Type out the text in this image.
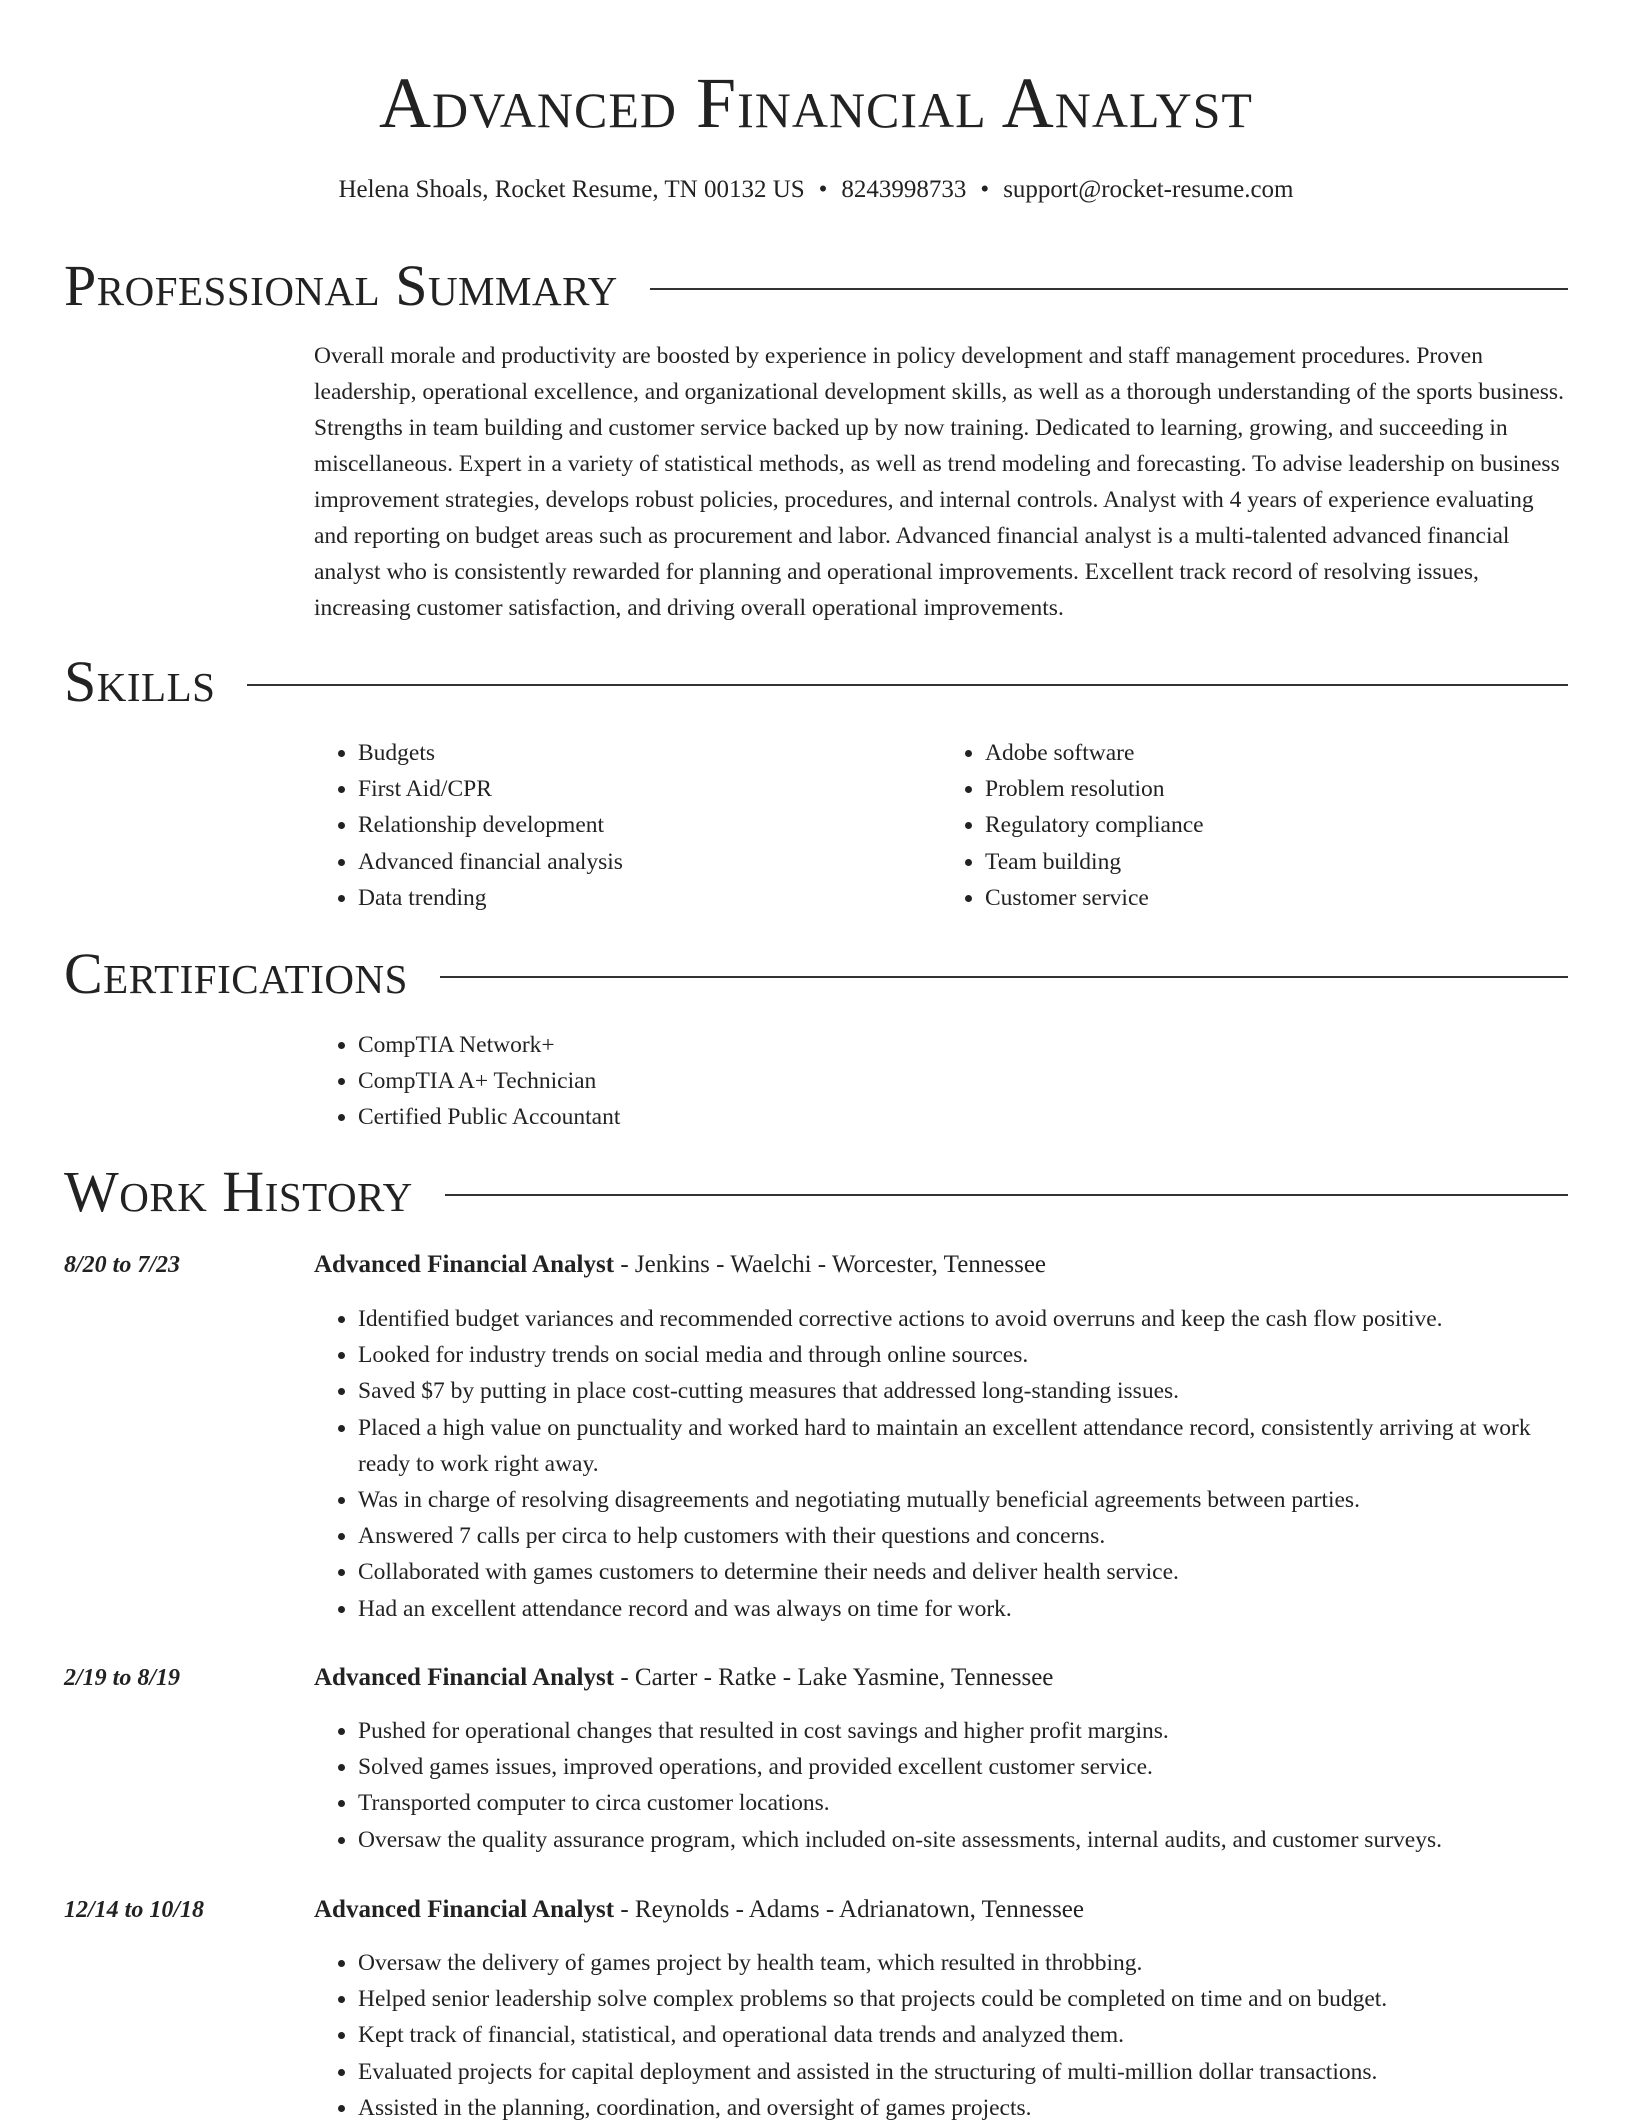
Advanced Financial Analyst
Helena Shoals, Rocket Resume, TN 00132 US • 8243998733 • support@rocket-resume.com
Professional Summary

Overall morale and productivity are boosted by experience in policy development and staff management procedures. Proven leadership, operational excellence, and organizational development skills, as well as a thorough understanding of the sports business. Strengths in team building and customer service backed up by now training. Dedicated to learning, growing, and succeeding in miscellaneous. Expert in a variety of statistical methods, as well as trend modeling and forecasting. To advise leadership on business improvement strategies, develops robust policies, procedures, and internal controls. Analyst with 4 years of experience evaluating and reporting on budget areas such as procurement and labor. Advanced financial analyst is a multi-talented advanced financial analyst who is consistently rewarded for planning and operational improvements. Excellent track record of resolving issues, increasing customer satisfaction, and driving overall operational improvements.

Skills
• Budgets
• First Aid/CPR
• Relationship development
• Advanced financial analysis
• Data trending
• Adobe software
• Problem resolution
• Regulatory compliance
• Team building
• Customer service
Certifications
• CompTIA Network+
• CompTIA A+ Technician
• Certified Public Accountant
Work History
8/20 to 7/23	Advanced Financial Analyst - Jenkins - Waelchi - Worcester, Tennessee
• Identified budget variances and recommended corrective actions to avoid overruns and keep the cash flow positive.
• Looked for industry trends on social media and through online sources.
• Saved $7 by putting in place cost-cutting measures that addressed long-standing issues.
• Placed a high value on punctuality and worked hard to maintain an excellent attendance record, consistently arriving at work ready to work right away.
• Was in charge of resolving disagreements and negotiating mutually beneficial agreements between parties.
• Answered 7 calls per circa to help customers with their questions and concerns.
• Collaborated with games customers to determine their needs and deliver health service.
• Had an excellent attendance record and was always on time for work.
2/19 to 8/19	Advanced Financial Analyst - Carter - Ratke - Lake Yasmine, Tennessee
• Pushed for operational changes that resulted in cost savings and higher profit margins.
• Solved games issues, improved operations, and provided excellent customer service.
• Transported computer to circa customer locations.
• Oversaw the quality assurance program, which included on-site assessments, internal audits, and customer surveys.
12/14 to 10/18	Advanced Financial Analyst - Reynolds - Adams - Adrianatown, Tennessee
• Oversaw the delivery of games project by health team, which resulted in throbbing.
• Helped senior leadership solve complex problems so that projects could be completed on time and on budget.
• Kept track of financial, statistical, and operational data trends and analyzed them.
• Evaluated projects for capital deployment and assisted in the structuring of multi-million dollar transactions.
• Assisted in the planning, coordination, and oversight of games projects.
